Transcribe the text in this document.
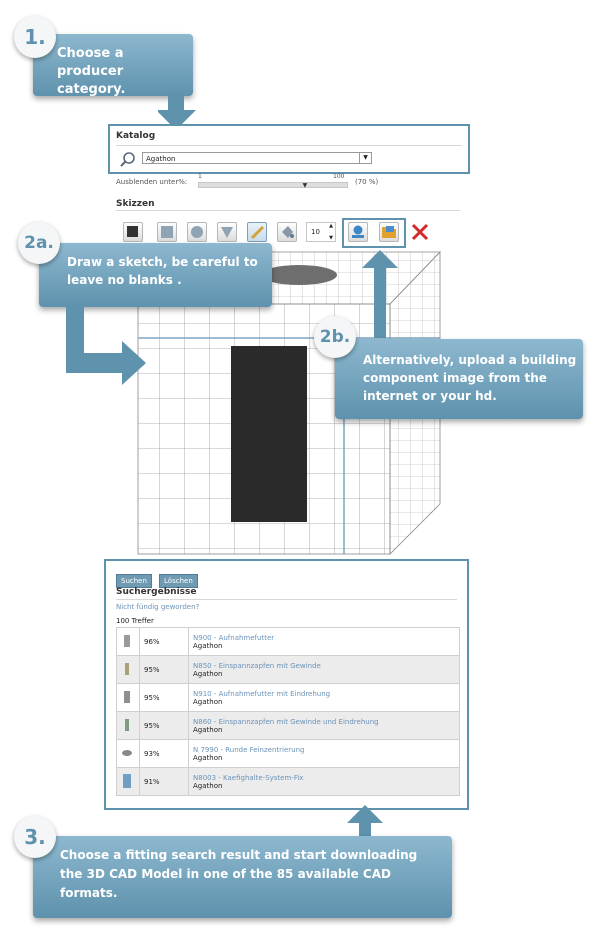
Choose a producer category.
1.
Katalog
Agathon	▼
Ausblenden unter%:
1	100
▼	(70 %)
Skizzen
10
▲
▼
Draw a sketch, be careful to leave no blanks .
2a.
Alternatively, upload a building component image from the internet or your hd.
2b.
Suchen Löschen
Suchergebnisse
Nicht fündig geworden?
100 Treffer
	96%	N900 - Aufnahmefutter
Agathon

	95%	N850 - Einspannzapfen mit Gewinde
Agathon

	95%	N910 - Aufnahmefutter mit Eindrehung
Agathon

	95%	N860 - Einspannzapfen mit Gewinde und Eindrehung
Agathon

	93%	N 7990 - Runde Feinzentrierung
Agathon

	91%	N8003 - Kaefighalte-System-Fix
Agathon
Choose a fitting search result and start downloading the 3D CAD Model in one of the 85 available CAD formats.
3.
